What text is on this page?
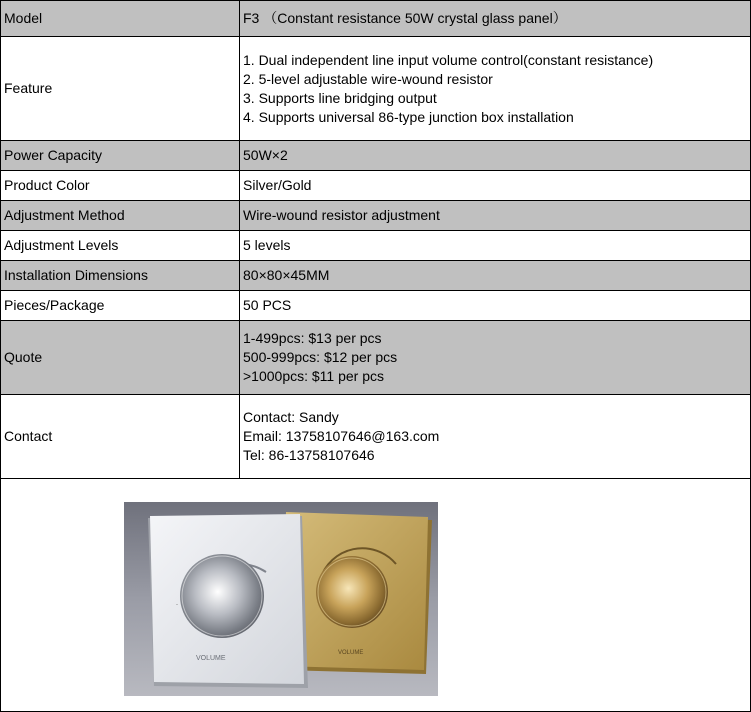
Model	F3 （Constant resistance 50W crystal glass panel）

Feature	1. Dual independent line input volume control(constant resistance)
2. 5-level adjustable wire-wound resistor
3. Supports line bridging output
4. Supports universal 86-type junction box installation

Power Capacity	50W×2

Product Color	Silver/Gold

Adjustment Method	Wire-wound resistor adjustment

Adjustment Levels	5 levels

Installation Dimensions	80×80×45MM

Pieces/Package	50 PCS

Quote	1-499pcs: $13 per pcs
500-999pcs: $12 per pcs
>1000pcs: $11 per pcs

Contact	Contact: Sandy
Email: 13758107646@163.com
Tel: 86-13758107646

VOLUME
-
VOLUME	
